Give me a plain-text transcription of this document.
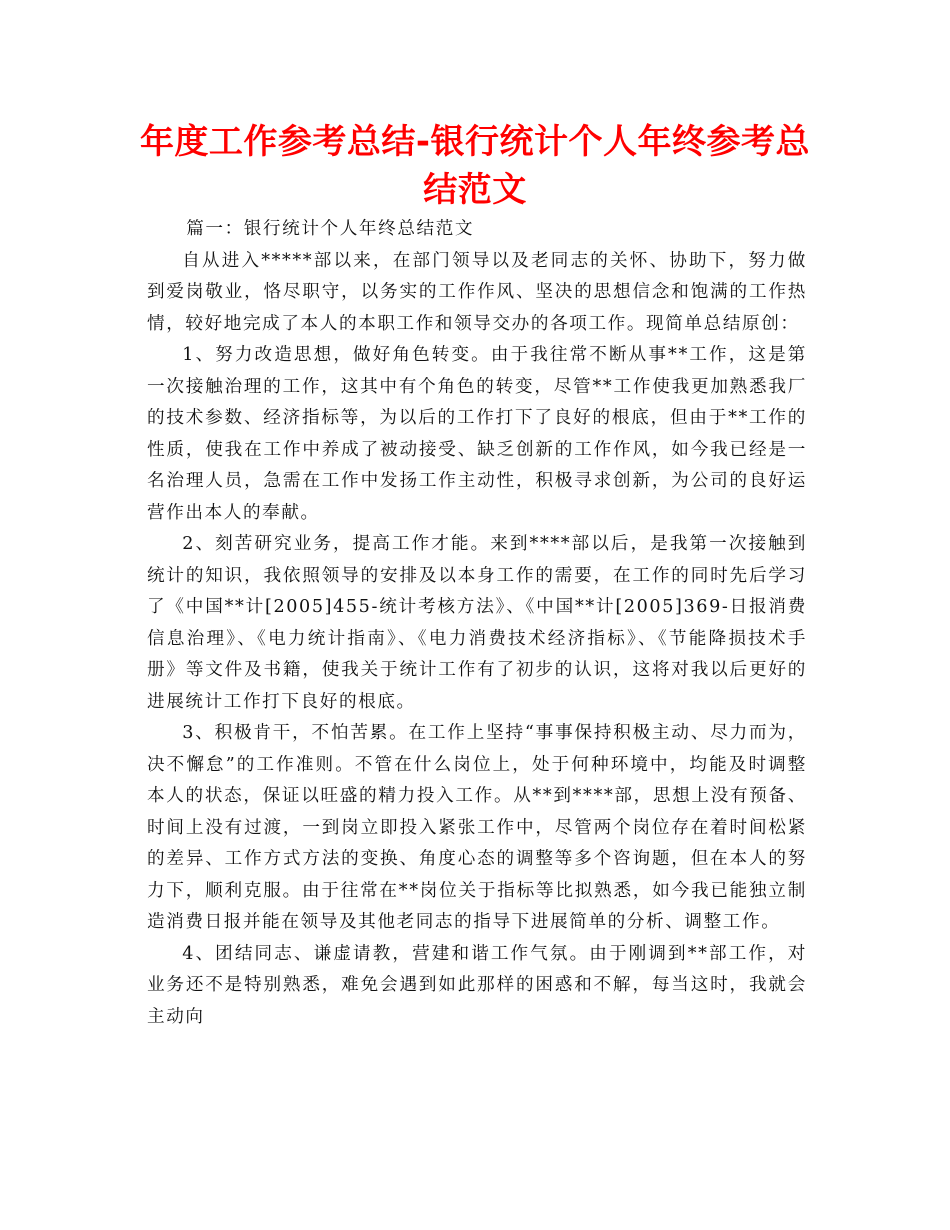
年度工作参考总结-银行统计个人年终参考总结范文

篇一：银行统计个人年终总结范文

自从进入*****部以来，在部门领导以及老同志的关怀、协助下，努力做到爱岗敬业，恪尽职守，以务实的工作作风、坚决的思想信念和饱满的工作热情，较好地完成了本人的本职工作和领导交办的各项工作。现简单总结原创：

1、努力改造思想，做好角色转变。由于我往常不断从事**工作，这是第一次接触治理的工作，这其中有个角色的转变，尽管**工作使我更加熟悉我厂的技术参数、经济指标等，为以后的工作打下了良好的根底，但由于**工作的性质，使我在工作中养成了被动接受、缺乏创新的工作作风，如今我已经是一名治理人员，急需在工作中发扬工作主动性，积极寻求创新，为公司的良好运营作出本人的奉献。

2、刻苦研究业务，提高工作才能。来到****部以后，是我第一次接触到统计的知识，我依照领导的安排及以本身工作的需要，在工作的同时先后学习了《中国**计[2005]455-统计考核方法》、《中国**计[2005]369-日报消费信息治理》、《电力统计指南》、《电力消费技术经济指标》、《节能降损技术手册》等文件及书籍，使我关于统计工作有了初步的认识，这将对我以后更好的进展统计工作打下良好的根底。

3、积极肯干，不怕苦累。在工作上坚持“事事保持积极主动、尽力而为，决不懈怠”的工作准则。不管在什么岗位上，处于何种环境中，均能及时调整本人的状态，保证以旺盛的精力投入工作。从**到****部，思想上没有预备、时间上没有过渡，一到岗立即投入紧张工作中，尽管两个岗位存在着时间松紧的差异、工作方式方法的变换、角度心态的调整等多个咨询题，但在本人的努力下，顺利克服。由于往常在**岗位关于指标等比拟熟悉，如今我已能独立制造消费日报并能在领导及其他老同志的指导下进展简单的分析、调整工作。

4、团结同志、谦虚请教，营建和谐工作气氛。由于刚调到**部工作，对业务还不是特别熟悉，难免会遇到如此那样的困惑和不解，每当这时，我就会主动向
